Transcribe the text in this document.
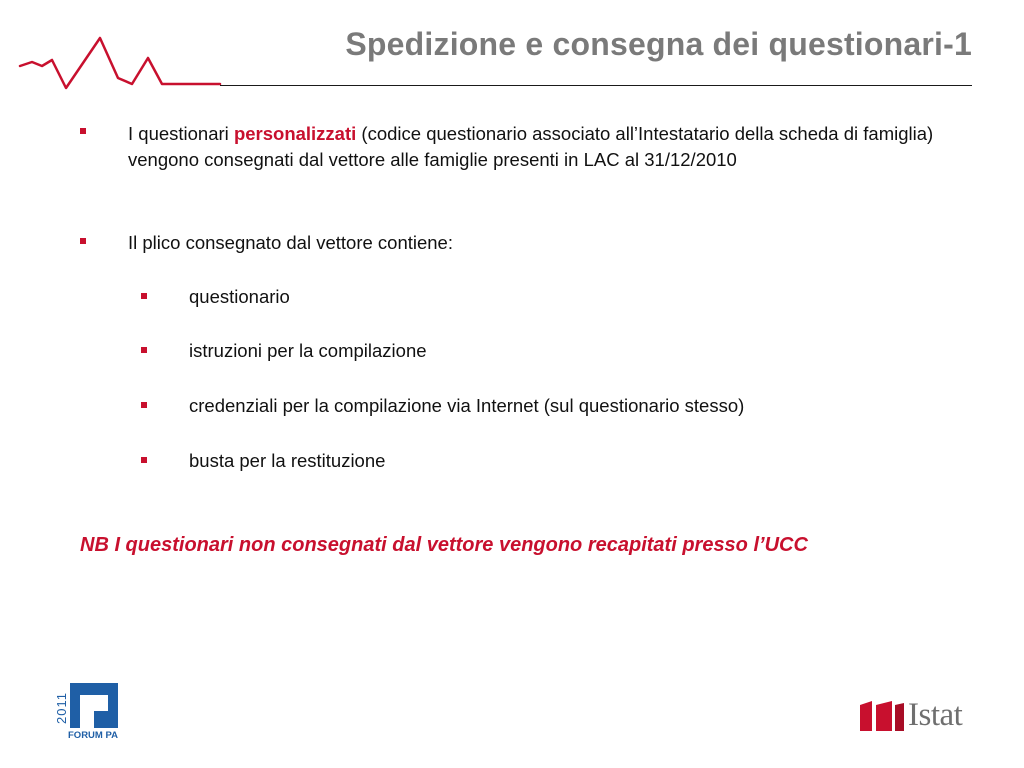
Spedizione e consegna dei questionari-1
I questionari personalizzati (codice questionario associato all’Intestatario della scheda di famiglia) vengono consegnati dal vettore alle famiglie presenti in LAC al 31/12/2010
Il plico consegnato dal vettore contiene:
questionario
istruzioni per la compilazione
credenziali per la compilazione via Internet (sul questionario stesso)
busta per la restituzione
NB I questionari non consegnati dal vettore vengono recapitati presso l’UCC
2011
FORUM PA
Istat
